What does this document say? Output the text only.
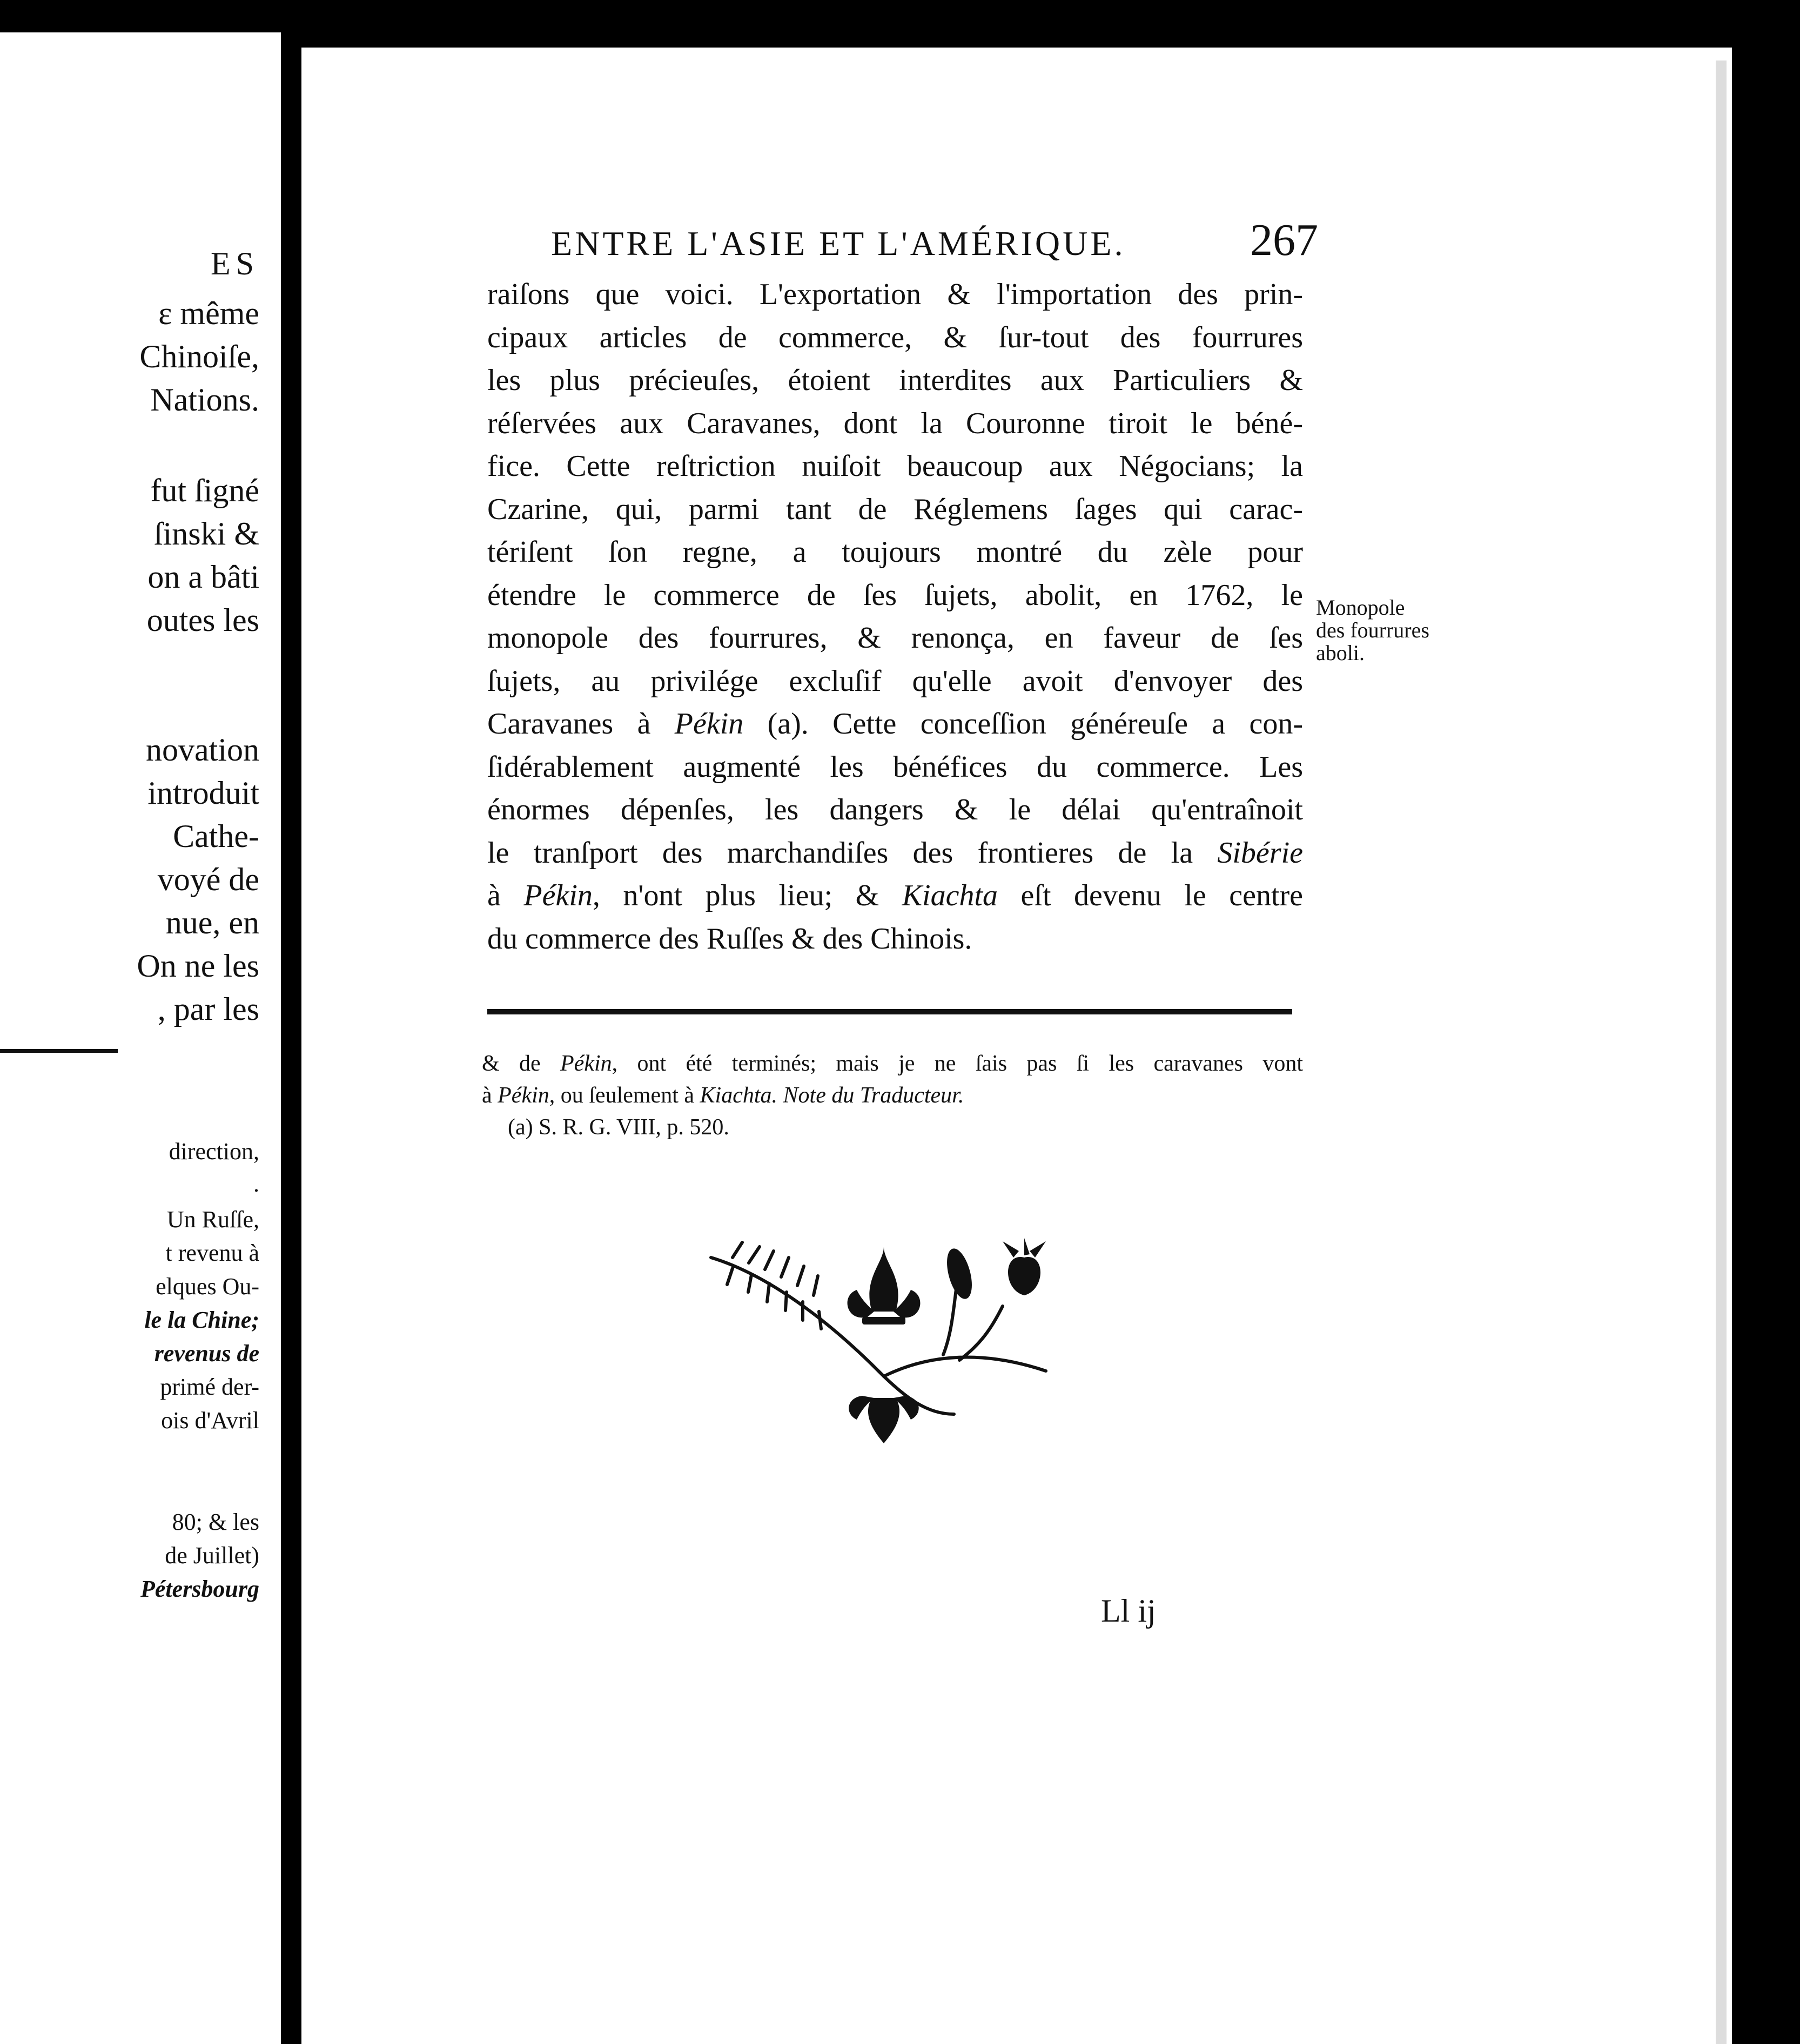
ES
ɛ même
Chinoiſe,
Nations.
fut ſigné
ſinski &
on a bâti
outes les
novation
introduit
Cathe-
voyé de
nue, en
On ne les
, par les
direction,
.
Un Ruſſe,
t revenu à
elques Ou-
le la Chine;
revenus de
primé der-
ois d'Avril
80; & les
de Juillet)
Pétersbourg
ENTRE L'ASIE ET L'AMÉRIQUE.	267
raiſons que voici. L'exportation & l'importation des prin-
cipaux articles de commerce, & ſur-tout des fourrures
les plus précieuſes, étoient interdites aux Particuliers &
réſervées aux Caravanes, dont la Couronne tiroit le béné-
fice. Cette reſtriction nuiſoit beaucoup aux Négocians; la
Czarine, qui, parmi tant de Réglemens ſages qui carac-
tériſent ſon regne, a toujours montré du zèle pour
étendre le commerce de ſes ſujets, abolit, en 1762, le
monopole des fourrures, & renonça, en faveur de ſes
ſujets, au privilége excluſif qu'elle avoit d'envoyer des
Caravanes à Pékin (a). Cette conceſſion généreuſe a con-
ſidérablement augmenté les bénéfices du commerce. Les
énormes dépenſes, les dangers & le délai qu'entraînoit
le tranſport des marchandiſes des frontieres de la Sibérie
à Pékin, n'ont plus lieu; & Kiachta eſt devenu le centre
du commerce des Ruſſes & des Chinois.
Monopole
des fourrures
aboli.
& de Pékin, ont été terminés; mais je ne ſais pas ſi les caravanes vont
à Pékin, ou ſeulement à Kiachta. Note du Traducteur.
(a) S. R. G. VIII, p. 520.
Ll ij
